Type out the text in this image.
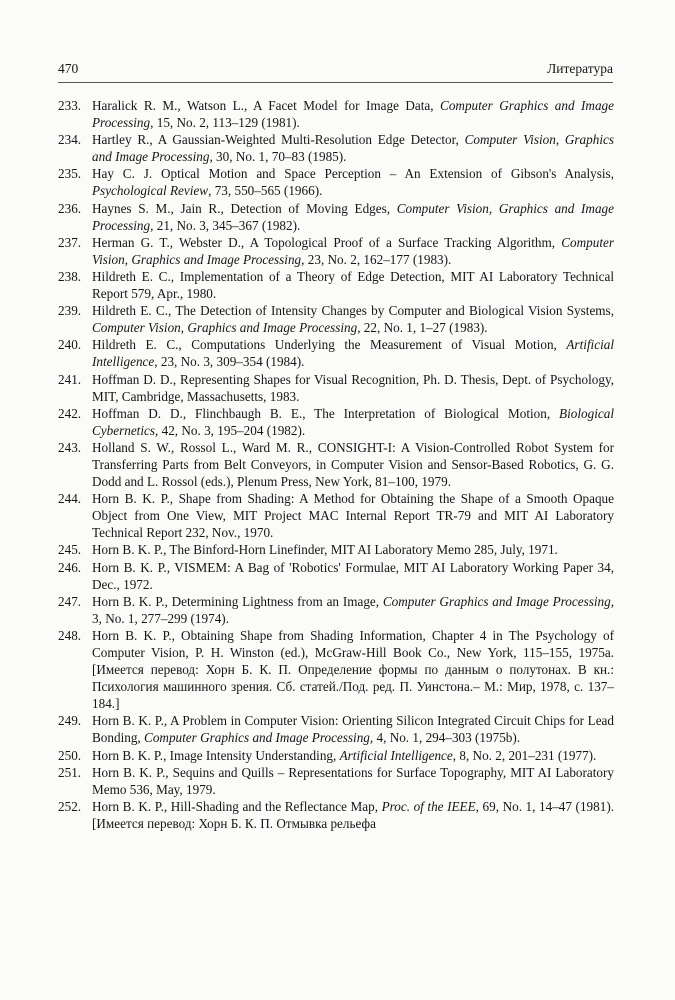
470	Литература
233. Haralick R. M., Watson L., A Facet Model for Image Data, Computer Graphics and Image Processing, 15, No. 2, 113–129 (1981).
234. Hartley R., A Gaussian-Weighted Multi-Resolution Edge Detector, Computer Vision, Graphics and Image Processing, 30, No. 1, 70–83 (1985).
235. Hay C. J. Optical Motion and Space Perception – An Extension of Gibson's Analysis, Psychological Review, 73, 550–565 (1966).
236. Haynes S. M., Jain R., Detection of Moving Edges, Computer Vision, Graphics and Image Processing, 21, No. 3, 345–367 (1982).
237. Herman G. T., Webster D., A Topological Proof of a Surface Tracking Algorithm, Computer Vision, Graphics and Image Processing, 23, No. 2, 162–177 (1983).
238. Hildreth E. C., Implementation of a Theory of Edge Detection, MIT AI Laboratory Technical Report 579, Apr., 1980.
239. Hildreth E. C., The Detection of Intensity Changes by Computer and Biological Vision Systems, Computer Vision, Graphics and Image Processing, 22, No. 1, 1–27 (1983).
240. Hildreth E. C., Computations Underlying the Measurement of Visual Motion, Artificial Intelligence, 23, No. 3, 309–354 (1984).
241. Hoffman D. D., Representing Shapes for Visual Recognition, Ph. D. Thesis, Dept. of Psychology, MIT, Cambridge, Massachusetts, 1983.
242. Hoffman D. D., Flinchbaugh B. E., The Interpretation of Biological Motion, Biological Cybernetics, 42, No. 3, 195–204 (1982).
243. Holland S. W., Rossol L., Ward M. R., CONSIGHT-I: A Vision-Controlled Robot System for Transferring Parts from Belt Conveyors, in Computer Vision and Sensor-Based Robotics, G. G. Dodd and L. Rossol (eds.), Plenum Press, New York, 81–100, 1979.
244. Horn B. K. P., Shape from Shading: A Method for Obtaining the Shape of a Smooth Opaque Object from One View, MIT Project MAC Internal Report TR-79 and MIT AI Laboratory Technical Report 232, Nov., 1970.
245. Horn B. K. P., The Binford-Horn Linefinder, MIT AI Laboratory Memo 285, July, 1971.
246. Horn B. K. P., VISMEM: A Bag of 'Robotics' Formulae, MIT AI Laboratory Working Paper 34, Dec., 1972.
247. Horn B. K. P., Determining Lightness from an Image, Computer Graphics and Image Processing, 3, No. 1, 277–299 (1974).
248. Horn B. K. P., Obtaining Shape from Shading Information, Chapter 4 in The Psychology of Computer Vision, P. H. Winston (ed.), McGraw-Hill Book Co., New York, 115–155, 1975a. [Имеется перевод: Хорн Б. К. П. Определение формы по данным о полутонах. В кн.: Психология машинного зрения. Сб. статей./Под. ред. П. Уинстона.– М.: Мир, 1978, с. 137–184.]
249. Horn B. K. P., A Problem in Computer Vision: Orienting Silicon Integrated Circuit Chips for Lead Bonding, Computer Graphics and Image Processing, 4, No. 1, 294–303 (1975b).
250. Horn B. K. P., Image Intensity Understanding, Artificial Intelligence, 8, No. 2, 201–231 (1977).
251. Horn B. K. P., Sequins and Quills – Representations for Surface Topography, MIT AI Laboratory Memo 536, May, 1979.
252. Horn B. K. P., Hill-Shading and the Reflectance Map, Proc. of the IEEE, 69, No. 1, 14–47 (1981). [Имеется перевод: Хорн Б. К. П. Отмывка рельефа
